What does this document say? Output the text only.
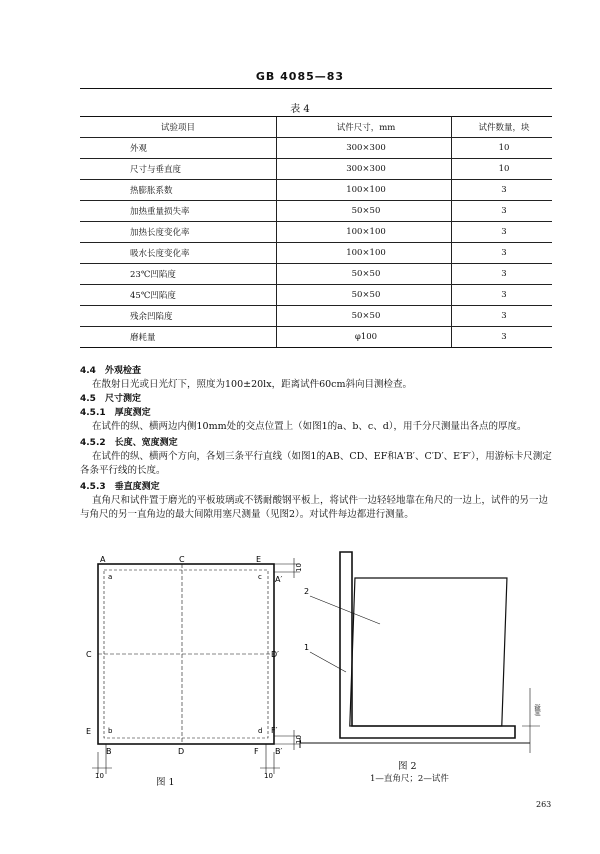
GB 4085—83
表 4
试验项目	试件尺寸，mm	试件数量，块
外观	300×300	10
尺寸与垂直度	300×300	10
热膨胀系数	100×100	3
加热重量损失率	50×50	3
加热长度变化率	100×100	3
吸水长度变化率	100×100	3
23℃凹陷度	50×50	3
45℃凹陷度	50×50	3
残余凹陷度	50×50	3
磨耗量	φ100	3
4.4　外观检查
在散射日光或日光灯下，照度为100±20lx，距离试件60cm斜向目测检查。
4.5　尺寸测定
4.5.1　厚度测定
在试件的纵、横两边内侧10mm处的交点位置上（如图1的a、b、c、d），用千分尺测量出各点的厚度。
4.5.2　长度、宽度测定
在试件的纵、横两个方向，各划三条平行直线（如图1的AB、CD、EF和A′B′、C′D′、E′F′），用游标卡尺测定各条平行线的长度。
4.5.3　垂直度测定
直角尺和试件置于磨光的平板玻璃或不锈耐酸钢平板上，将试件一边轻轻地靠在角尺的一边上，试件的另一边与角尺的另一直角边的最大间隙用塞尺测量（见图2）。对试件每边都进行测量。
A	C	E
A′
a	c
C	D′
E b	d F′
B	D	F B′
10	10
10
10
图 1
2
1
间隙
图 2
1—直角尺；2—试件
263
